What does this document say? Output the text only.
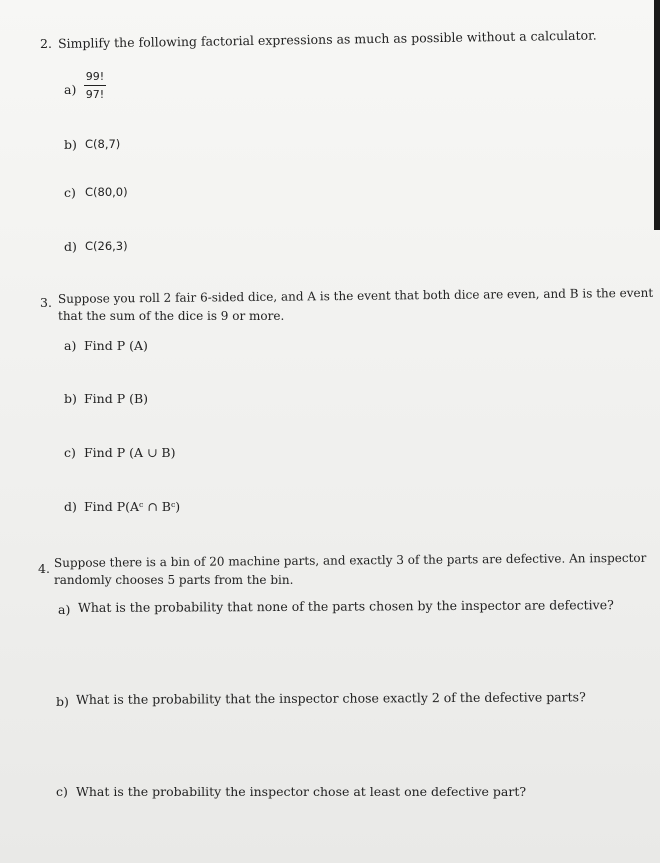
2. Simplify the following factorial expressions as much as possible without a calculator.
a)
99!
97!
b) C(8,7)
c) C(80,0)
d) C(26,3)
3. Suppose you roll 2 fair 6-sided dice, and A is the event that both dice are even, and B is the event
that the sum of the dice is 9 or more.
a) Find P (A)
b) Find P (B)
c) Find P (A ∪ B)
d) Find P(Aᶜ ∩ Bᶜ)
4. Suppose there is a bin of 20 machine parts, and exactly 3 of the parts are defective. An inspector
randomly chooses 5 parts from the bin.
a) What is the probability that none of the parts chosen by the inspector are defective?
b) What is the probability that the inspector chose exactly 2 of the defective parts?
c) What is the probability the inspector chose at least one defective part?
